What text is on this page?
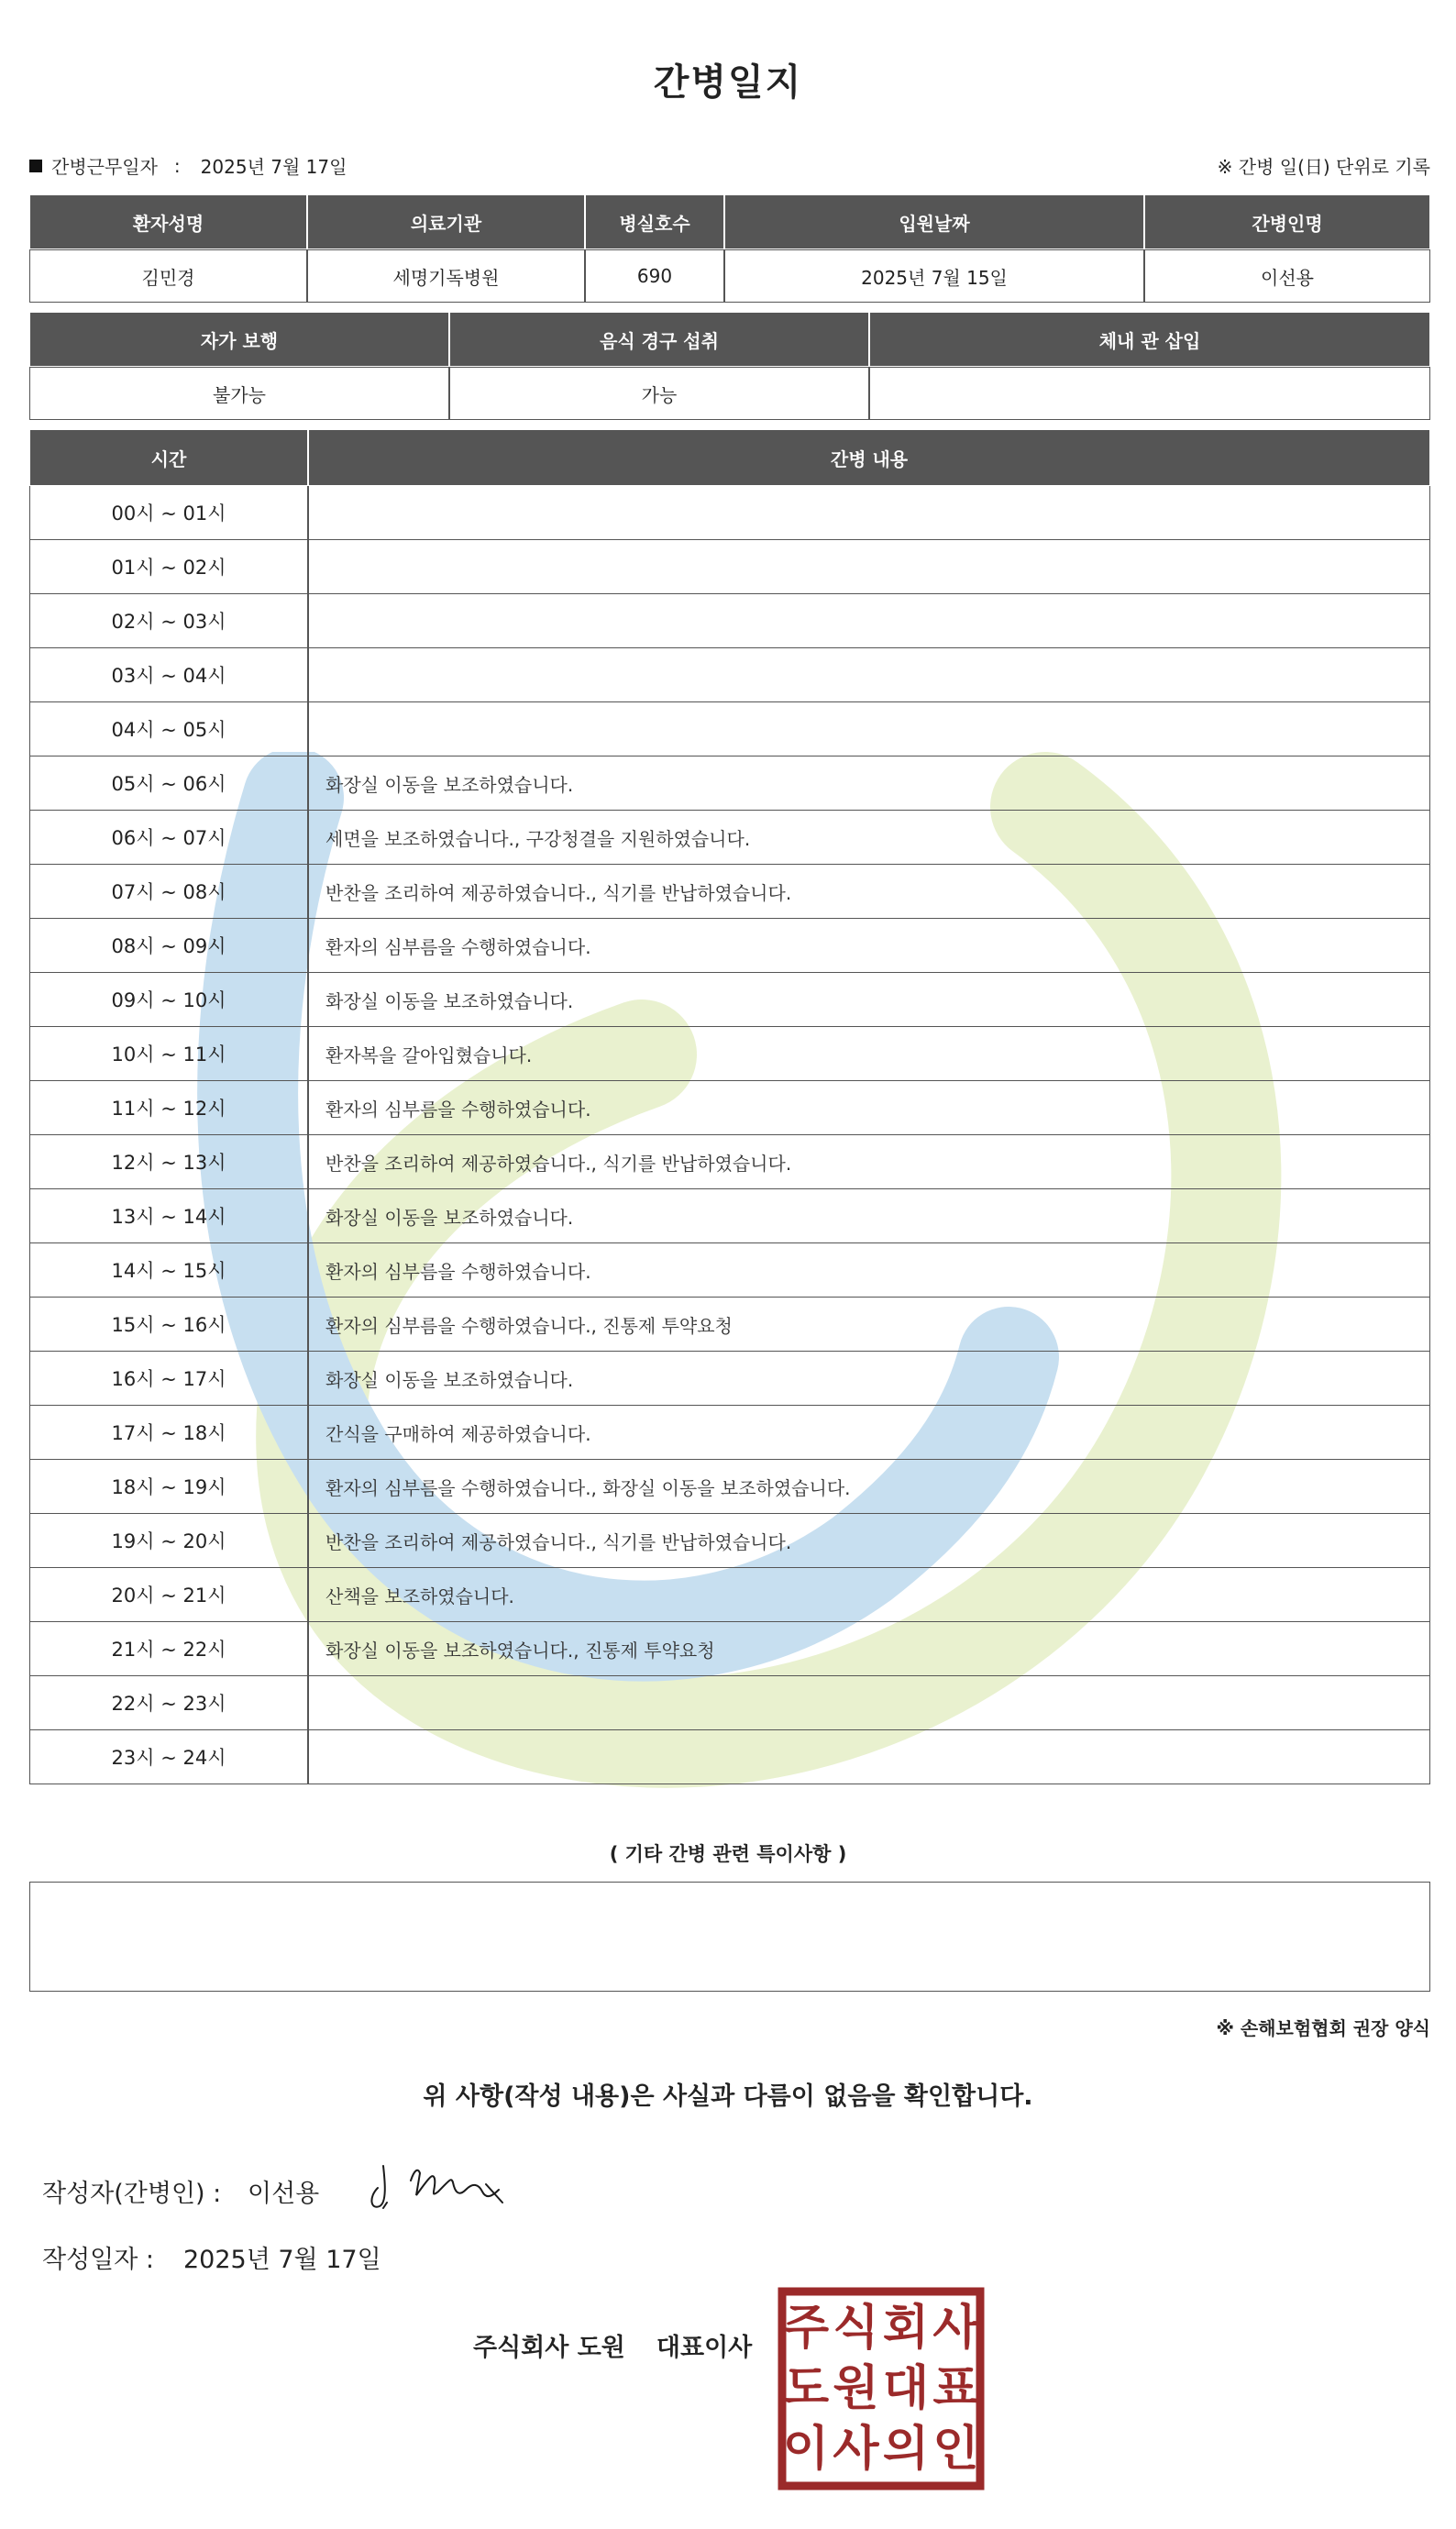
간병일지
간병근무일자 : 2025년 7월 17일	※ 간병 일(日) 단위로 기록
환자성명	의료기관	병실호수	입원날짜	간병인명
김민경	세명기독병원	690	2025년 7월 15일	이선용
자가 보행	음식 경구 섭취	체내 관 삽입
불가능	가능	
시간	간병 내용
00시 ~ 01시	
01시 ~ 02시	
02시 ~ 03시	
03시 ~ 04시	
04시 ~ 05시	
05시 ~ 06시	화장실 이동을 보조하였습니다.
06시 ~ 07시	세면을 보조하였습니다., 구강청결을 지원하였습니다.
07시 ~ 08시	반찬을 조리하여 제공하였습니다., 식기를 반납하였습니다.
08시 ~ 09시	환자의 심부름을 수행하였습니다.
09시 ~ 10시	화장실 이동을 보조하였습니다.
10시 ~ 11시	환자복을 갈아입혔습니다.
11시 ~ 12시	환자의 심부름을 수행하였습니다.
12시 ~ 13시	반찬을 조리하여 제공하였습니다., 식기를 반납하였습니다.
13시 ~ 14시	화장실 이동을 보조하였습니다.
14시 ~ 15시	환자의 심부름을 수행하였습니다.
15시 ~ 16시	환자의 심부름을 수행하였습니다., 진통제 투약요청
16시 ~ 17시	화장실 이동을 보조하였습니다.
17시 ~ 18시	간식을 구매하여 제공하였습니다.
18시 ~ 19시	환자의 심부름을 수행하였습니다., 화장실 이동을 보조하였습니다.
19시 ~ 20시	반찬을 조리하여 제공하였습니다., 식기를 반납하였습니다.
20시 ~ 21시	산책을 보조하였습니다.
21시 ~ 22시	화장실 이동을 보조하였습니다., 진통제 투약요청
22시 ~ 23시	
23시 ~ 24시	
( 기타 간병 관련 특이사항 )
※ 손해보험협회 권장 양식
위 사항(작성 내용)은 사실과 다름이 없음을 확인합니다.
작성자(간병인) :	이선용
작성일자 :	2025년 7월 17일
주식회사 도원 대표이사 주 식 회 사
도 원 대 표
이 사 의 인
